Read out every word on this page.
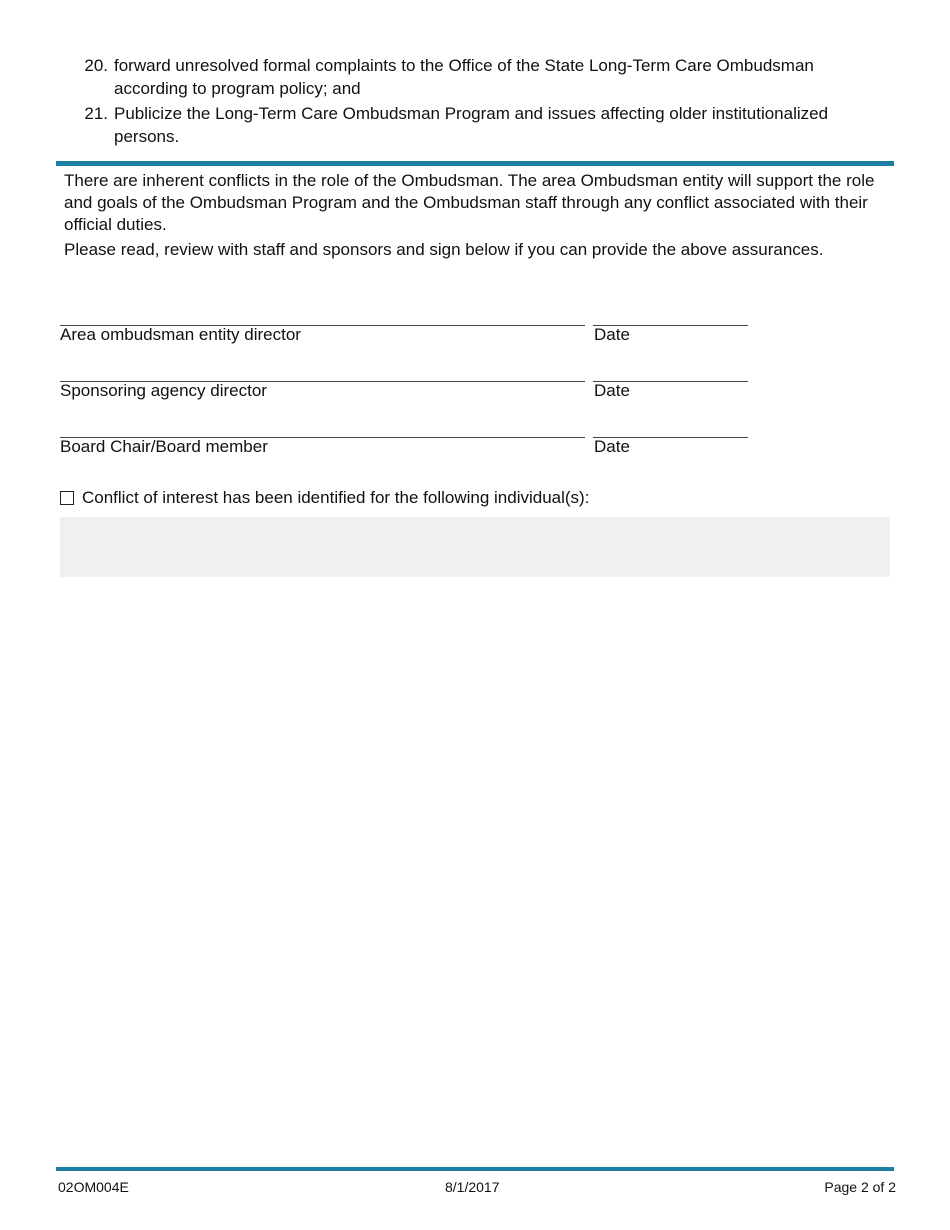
20. forward unresolved formal complaints to the Office of the State Long-Term Care Ombudsman according to program policy; and
21. Publicize the Long-Term Care Ombudsman Program and issues affecting older institutionalized persons.

There are inherent conflicts in the role of the Ombudsman. The area Ombudsman entity will support the role and goals of the Ombudsman Program and the Ombudsman staff through any conflict associated with their official duties.

Please read, review with staff and sponsors and sign below if you can provide the above assurances.

Area ombudsman entity director	Date
Sponsoring agency director	Date
Board Chair/Board member	Date
Conflict of interest has been identified for the following individual(s):
02OM004E	8/1/2017	Page 2 of 2
